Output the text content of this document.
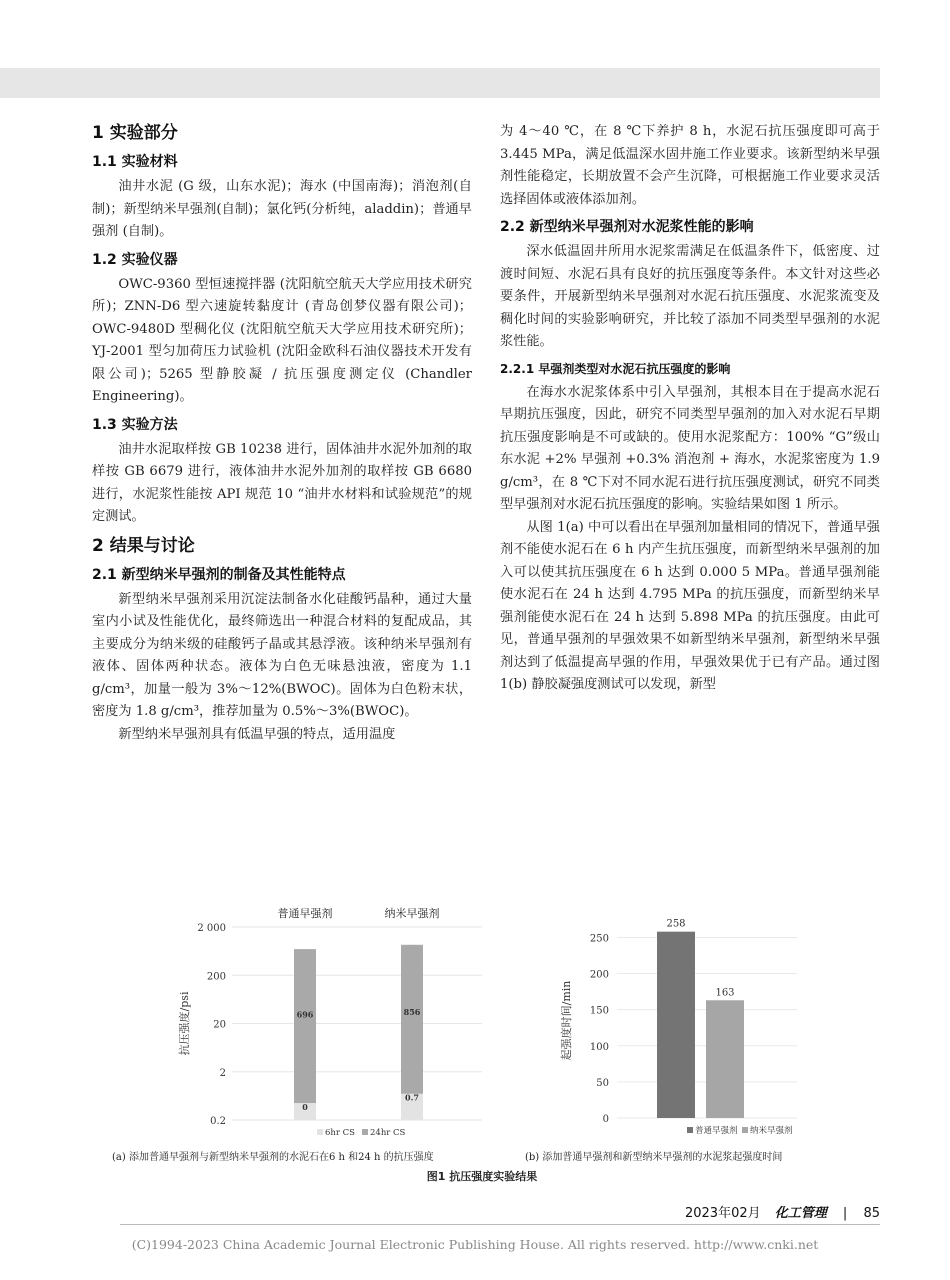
1 实验部分

1.1 实验材料

油井水泥 (G 级，山东水泥)；海水 (中国南海)；消泡剂(自制)；新型纳米早强剂(自制)；氯化钙(分析纯，aladdin)；普通早强剂 (自制)。

1.2 实验仪器

OWC-9360 型恒速搅拌器 (沈阳航空航天大学应用技术研究所)；ZNN-D6 型六速旋转黏度计 (青岛创梦仪器有限公司)；OWC-9480D 型稠化仪 (沈阳航空航天大学应用技术研究所)；YJ-2001 型匀加荷压力试验机 (沈阳金欧科石油仪器技术开发有限公司)；5265 型静胶凝 / 抗压强度测定仪 (Chandler Engineering)。

1.3 实验方法

油井水泥取样按 GB 10238 进行，固体油井水泥外加剂的取样按 GB 6679 进行，液体油井水泥外加剂的取样按 GB 6680 进行，水泥浆性能按 API 规范 10 “油井水材料和试验规范”的规定测试。

2 结果与讨论

2.1 新型纳米早强剂的制备及其性能特点

新型纳米早强剂采用沉淀法制备水化硅酸钙晶种，通过大量室内小试及性能优化，最终筛选出一种混合材料的复配成品，其主要成分为纳米级的硅酸钙子晶或其悬浮液。该种纳米早强剂有液体、固体两种状态。液体为白色无味悬浊液，密度为 1.1 g/cm³，加量一般为 3%～12%(BWOC)。固体为白色粉末状，密度为 1.8 g/cm³，推荐加量为 0.5%～3%(BWOC)。

新型纳米早强剂具有低温早强的特点，适用温度

为 4～40 ℃，在 8 ℃下养护 8 h，水泥石抗压强度即可高于 3.445 MPa，满足低温深水固井施工作业要求。该新型纳米早强剂性能稳定，长期放置不会产生沉降，可根据施工作业要求灵活选择固体或液体添加剂。

2.2 新型纳米早强剂对水泥浆性能的影响

深水低温固井所用水泥浆需满足在低温条件下，低密度、过渡时间短、水泥石具有良好的抗压强度等条件。本文针对这些必要条件，开展新型纳米早强剂对水泥石抗压强度、水泥浆流变及稠化时间的实验影响研究，并比较了添加不同类型早强剂的水泥浆性能。

2.2.1 早强剂类型对水泥石抗压强度的影响

在海水水泥浆体系中引入早强剂，其根本目在于提高水泥石早期抗压强度，因此，研究不同类型早强剂的加入对水泥石早期抗压强度影响是不可或缺的。使用水泥浆配方：100% “G”级山东水泥 +2% 早强剂 +0.3% 消泡剂 + 海水，水泥浆密度为 1.9 g/cm³，在 8 ℃下对不同水泥石进行抗压强度测试，研究不同类型早强剂对水泥石抗压强度的影响。实验结果如图 1 所示。

从图 1(a) 中可以看出在早强剂加量相同的情况下，普通早强剂不能使水泥石在 6 h 内产生抗压强度，而新型纳米早强剂的加入可以使其抗压强度在 6 h 达到 0.000 5 MPa。普通早强剂能使水泥石在 24 h 达到 4.795 MPa 的抗压强度，而新型纳米早强剂能使水泥石在 24 h 达到 5.898 MPa 的抗压强度。由此可见，普通早强剂的早强效果不如新型纳米早强剂，新型纳米早强剂达到了低温提高早强的作用，早强效果优于已有产品。通过图 1(b) 静胶凝强度测试可以发现，新型

0.2
2
20
200
2 000
抗压强度/psi
普通早强剂
696
0
纳米早强剂
856
0.7
6hr CS 24hr CS
0
50
100
150
200
250
起强度时间/min
258
163
普通早强剂 纳米早强剂
(a) 添加普通早强剂与新型纳米早强剂的水泥石在6 h 和24 h 的抗压强度	(b) 添加普通早强剂和新型纳米早强剂的水泥浆起强度时间
图1 抗压强度实验结果
2023年02月 化工管理 | 85
(C)1994-2023 China Academic Journal Electronic Publishing House. All rights reserved. http://www.cnki.net
